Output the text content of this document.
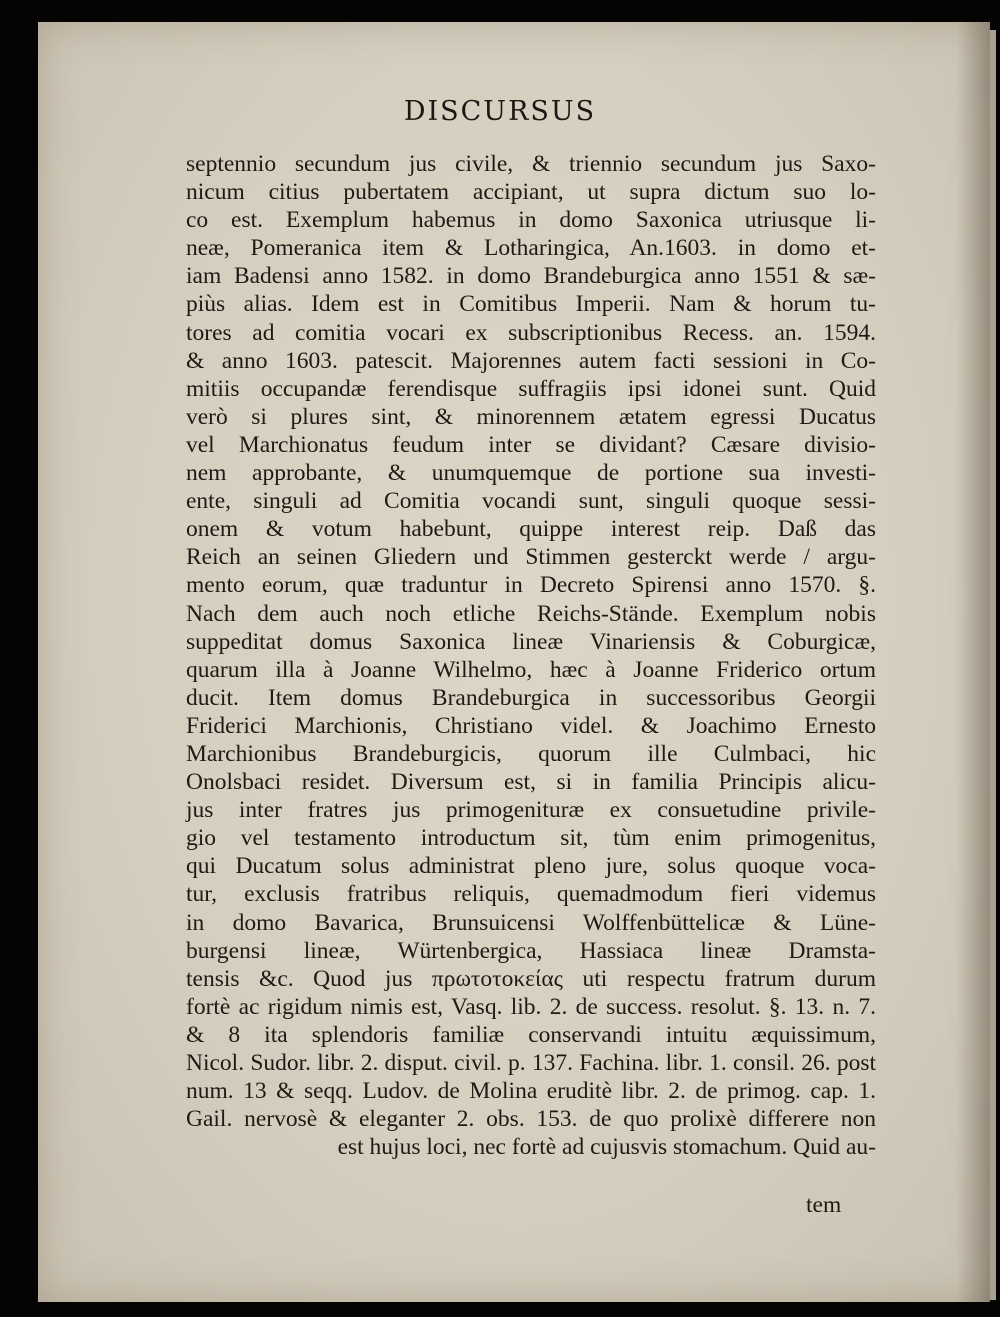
DISCURSUS
septennio secundum jus civile, & triennio secundum jus Saxo-
nicum citius pubertatem accipiant, ut supra dictum suo lo-
co est. Exemplum habemus in domo Saxonica utriusque li-
neæ, Pomeranica item & Lotharingica, An.1603. in domo et-
iam Badensi anno 1582. in domo Brandeburgica anno 1551 & sæ-
piùs alias. Idem est in Comitibus Imperii. Nam & horum tu-
tores ad comitia vocari ex subscriptionibus Recess. an. 1594.
& anno 1603. patescit. Majorennes autem facti sessioni in Co-
mitiis occupandæ ferendisque suffragiis ipsi idonei sunt. Quid
verò si plures sint, & minorennem ætatem egressi Ducatus
vel Marchionatus feudum inter se dividant? Cæsare divisio-
nem approbante, & unumquemque de portione sua investi-
ente, singuli ad Comitia vocandi sunt, singuli quoque sessi-
onem & votum habebunt, quippe interest reip. Daß das
Reich an seinen Gliedern und Stimmen gesterckt werde / argu-
mento eorum, quæ traduntur in Decreto Spirensi anno 1570. §.
Nach dem auch noch etliche Reichs-Stände. Exemplum nobis
suppeditat domus Saxonica lineæ Vinariensis & Coburgicæ,
quarum illa à Joanne Wilhelmo, hæc à Joanne Friderico ortum
ducit. Item domus Brandeburgica in successoribus Georgii
Friderici Marchionis, Christiano videl. & Joachimo Ernesto
Marchionibus Brandeburgicis, quorum ille Culmbaci, hic
Onolsbaci residet. Diversum est, si in familia Principis alicu-
jus inter fratres jus primogenituræ ex consuetudine privile-
gio vel testamento introductum sit, tùm enim primogenitus,
qui Ducatum solus administrat pleno jure, solus quoque voca-
tur, exclusis fratribus reliquis, quemadmodum fieri videmus
in domo Bavarica, Brunsuicensi Wolffenbüttelicæ & Lüne-
burgensi lineæ, Würtenbergica, Hassiaca lineæ Dramsta-
tensis &c. Quod jus πρωτοτοκείας uti respectu fratrum durum
fortè ac rigidum nimis est, Vasq. lib. 2. de success. resolut. §. 13. n. 7.
& 8 ita splendoris familiæ conservandi intuitu æquissimum,
Nicol. Sudor. libr. 2. disput. civil. p. 137. Fachina. libr. 1. consil. 26. post
num. 13 & seqq. Ludov. de Molina eruditè libr. 2. de primog. cap. 1.
Gail. nervosè & eleganter 2. obs. 153. de quo prolixè differere non
est hujus loci, nec fortè ad cujusvis stomachum. Quid au-
tem
